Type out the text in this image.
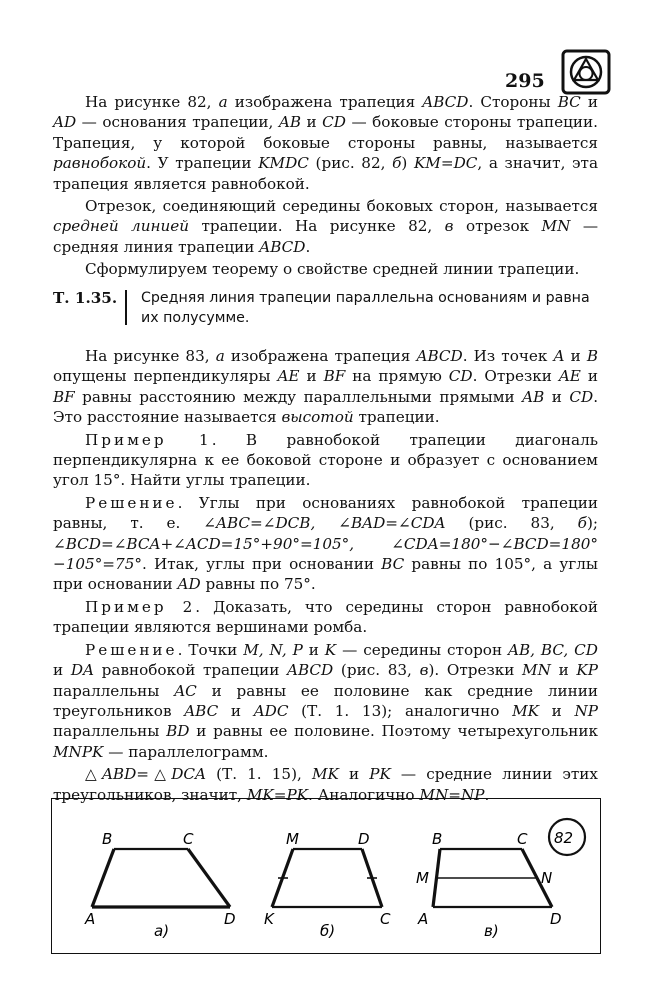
295

На рисунке 82, а изображена трапеция ABCD. Стороны BC и AD — основания трапеции, AB и CD — боковые стороны трапеции. Трапеция, у которой боковые стороны равны, называется равнобокой. У трапеции KMDC (рис. 82, б) KM=DC, а значит, эта трапеция является равнобокой.

Отрезок, соединяющий середины боковых сторон, называется средней линией трапеции. На рисунке 82, в отрезок MN — средняя линия трапеции ABCD.

Сформулируем теорему о свойстве средней линии трапеции.

Т. 1.35.	Средняя линия трапеции параллельна основаниям и равна их полусумме.

На рисунке 83, а изображена трапеция ABCD. Из точек A и B опущены перпендикуляры AE и BF на прямую CD. Отрезки AE и BF равны расстоянию между параллельными прямыми AB и CD. Это расстояние называется высотой трапеции.

Пример 1. В равнобокой трапеции диагональ перпендикулярна к ее боковой стороне и образует с основанием угол 15°. Найти углы трапеции.

Решение. Углы при основаниях равнобокой трапеции равны, т. е. ∠ABC=∠DCB, ∠BAD=∠CDA (рис. 83, б); ∠BCD=∠BCA+∠ACD=15°+90°=105°, ∠CDA=180°−∠BCD=180°−105°=75°. Итак, углы при основании BC равны по 105°, а углы при основании AD равны по 75°.

Пример 2. Доказать, что середины сторон равнобокой трапеции являются вершинами ромба.

Решение. Точки M, N, P и K — середины сторон AB, BC, CD и DA равнобокой трапеции ABCD (рис. 83, в). Отрезки MN и KP параллельны AC и равны ее половине как средние линии треугольников ABC и ADC (Т. 1. 13); аналогично MK и NP параллельны BD и равны ее половине. Поэтому четырехугольник MNPK — параллелограмм.

△ABD=△DCA (Т. 1. 15), MK и PK — средние линии этих треугольников, значит, MK=PK. Аналогично MN=NP.

B	C
A	D
а)
M	D
K	C
б)
B	C
M	N
A	D
в)
82
